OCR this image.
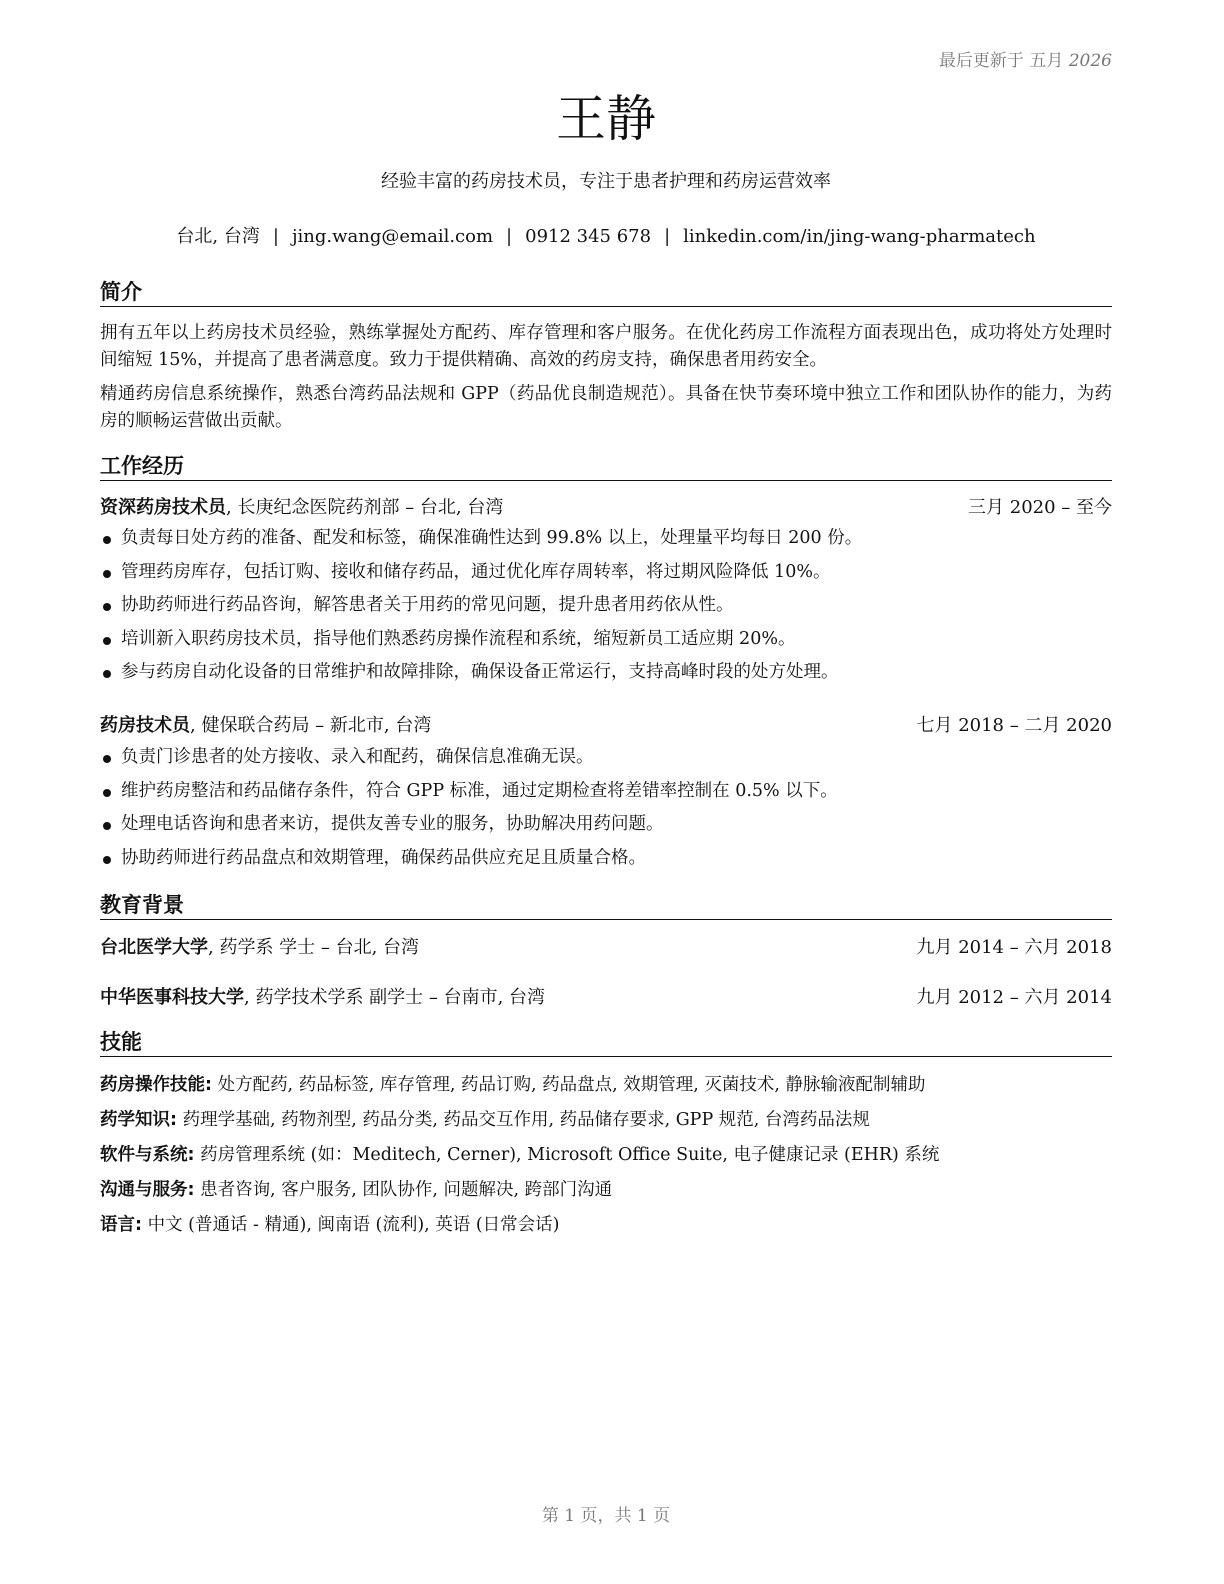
最后更新于 五月 2026
王静
经验丰富的药房技术员，专注于患者护理和药房运营效率
台北, 台湾 | jing.wang@email.com | 0912 345 678 | linkedin.com/in/jing-wang-pharmatech
简介
拥有五年以上药房技术员经验，熟练掌握处方配药、库存管理和客户服务。在优化药房工作流程方面表现出色，成功将处方处理时间缩短 15%，并提高了患者满意度。致力于提供精确、高效的药房支持，确保患者用药安全。
精通药房信息系统操作，熟悉台湾药品法规和 GPP（药品优良制造规范）。具备在快节奏环境中独立工作和团队协作的能力，为药房的顺畅运营做出贡献。
工作经历
资深药房技术员, 长庚纪念医院药剂部 – 台北, 台湾	三月 2020 – 至今
负责每日处方药的准备、配发和标签，确保准确性达到 99.8% 以上，处理量平均每日 200 份。
管理药房库存，包括订购、接收和储存药品，通过优化库存周转率，将过期风险降低 10%。
协助药师进行药品咨询，解答患者关于用药的常见问题，提升患者用药依从性。
培训新入职药房技术员，指导他们熟悉药房操作流程和系统，缩短新员工适应期 20%。
参与药房自动化设备的日常维护和故障排除，确保设备正常运行，支持高峰时段的处方处理。
药房技术员, 健保联合药局 – 新北市, 台湾	七月 2018 – 二月 2020
负责门诊患者的处方接收、录入和配药，确保信息准确无误。
维护药房整洁和药品储存条件，符合 GPP 标准，通过定期检查将差错率控制在 0.5% 以下。
处理电话咨询和患者来访，提供友善专业的服务，协助解决用药问题。
协助药师进行药品盘点和效期管理，确保药品供应充足且质量合格。
教育背景
台北医学大学, 药学系 学士 – 台北, 台湾	九月 2014 – 六月 2018
中华医事科技大学, 药学技术学系 副学士 – 台南市, 台湾	九月 2012 – 六月 2014
技能
药房操作技能: 处方配药, 药品标签, 库存管理, 药品订购, 药品盘点, 效期管理, 灭菌技术, 静脉输液配制辅助
药学知识: 药理学基础, 药物剂型, 药品分类, 药品交互作用, 药品储存要求, GPP 规范, 台湾药品法规
软件与系统: 药房管理系统 (如：Meditech, Cerner), Microsoft Office Suite, 电子健康记录 (EHR) 系统
沟通与服务: 患者咨询, 客户服务, 团队协作, 问题解决, 跨部门沟通
语言: 中文 (普通话 - 精通), 闽南语 (流利), 英语 (日常会话)
第 1 页，共 1 页
